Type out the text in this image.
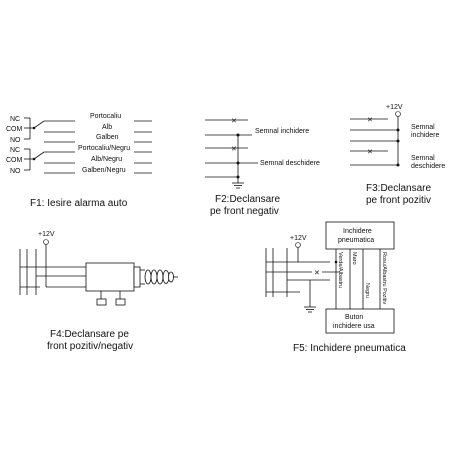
NC
COM
NO
NC
COM
NO
Portocaliu
Alb
Galben
Portocaliu/Negru
Alb/Negru
Galben/Negru
F1: Iesire alarma auto
✕
✕
Semnal inchidere
Semnal deschidere
F2:Declansare
pe front negativ
+12V
✕
✕
Semnal
inchidere
Semnal
deschidere
F3:Declansare
pe front pozitiv
+12V
F4:Declansare pe
front pozitiv/negativ
+12V
✕
Inchidere
pneumatica
Verde/Albastru Maro
Negru Rosu/Albastru Pozitiv
Buton
inchidere usa
F5: Inchidere pneumatica
